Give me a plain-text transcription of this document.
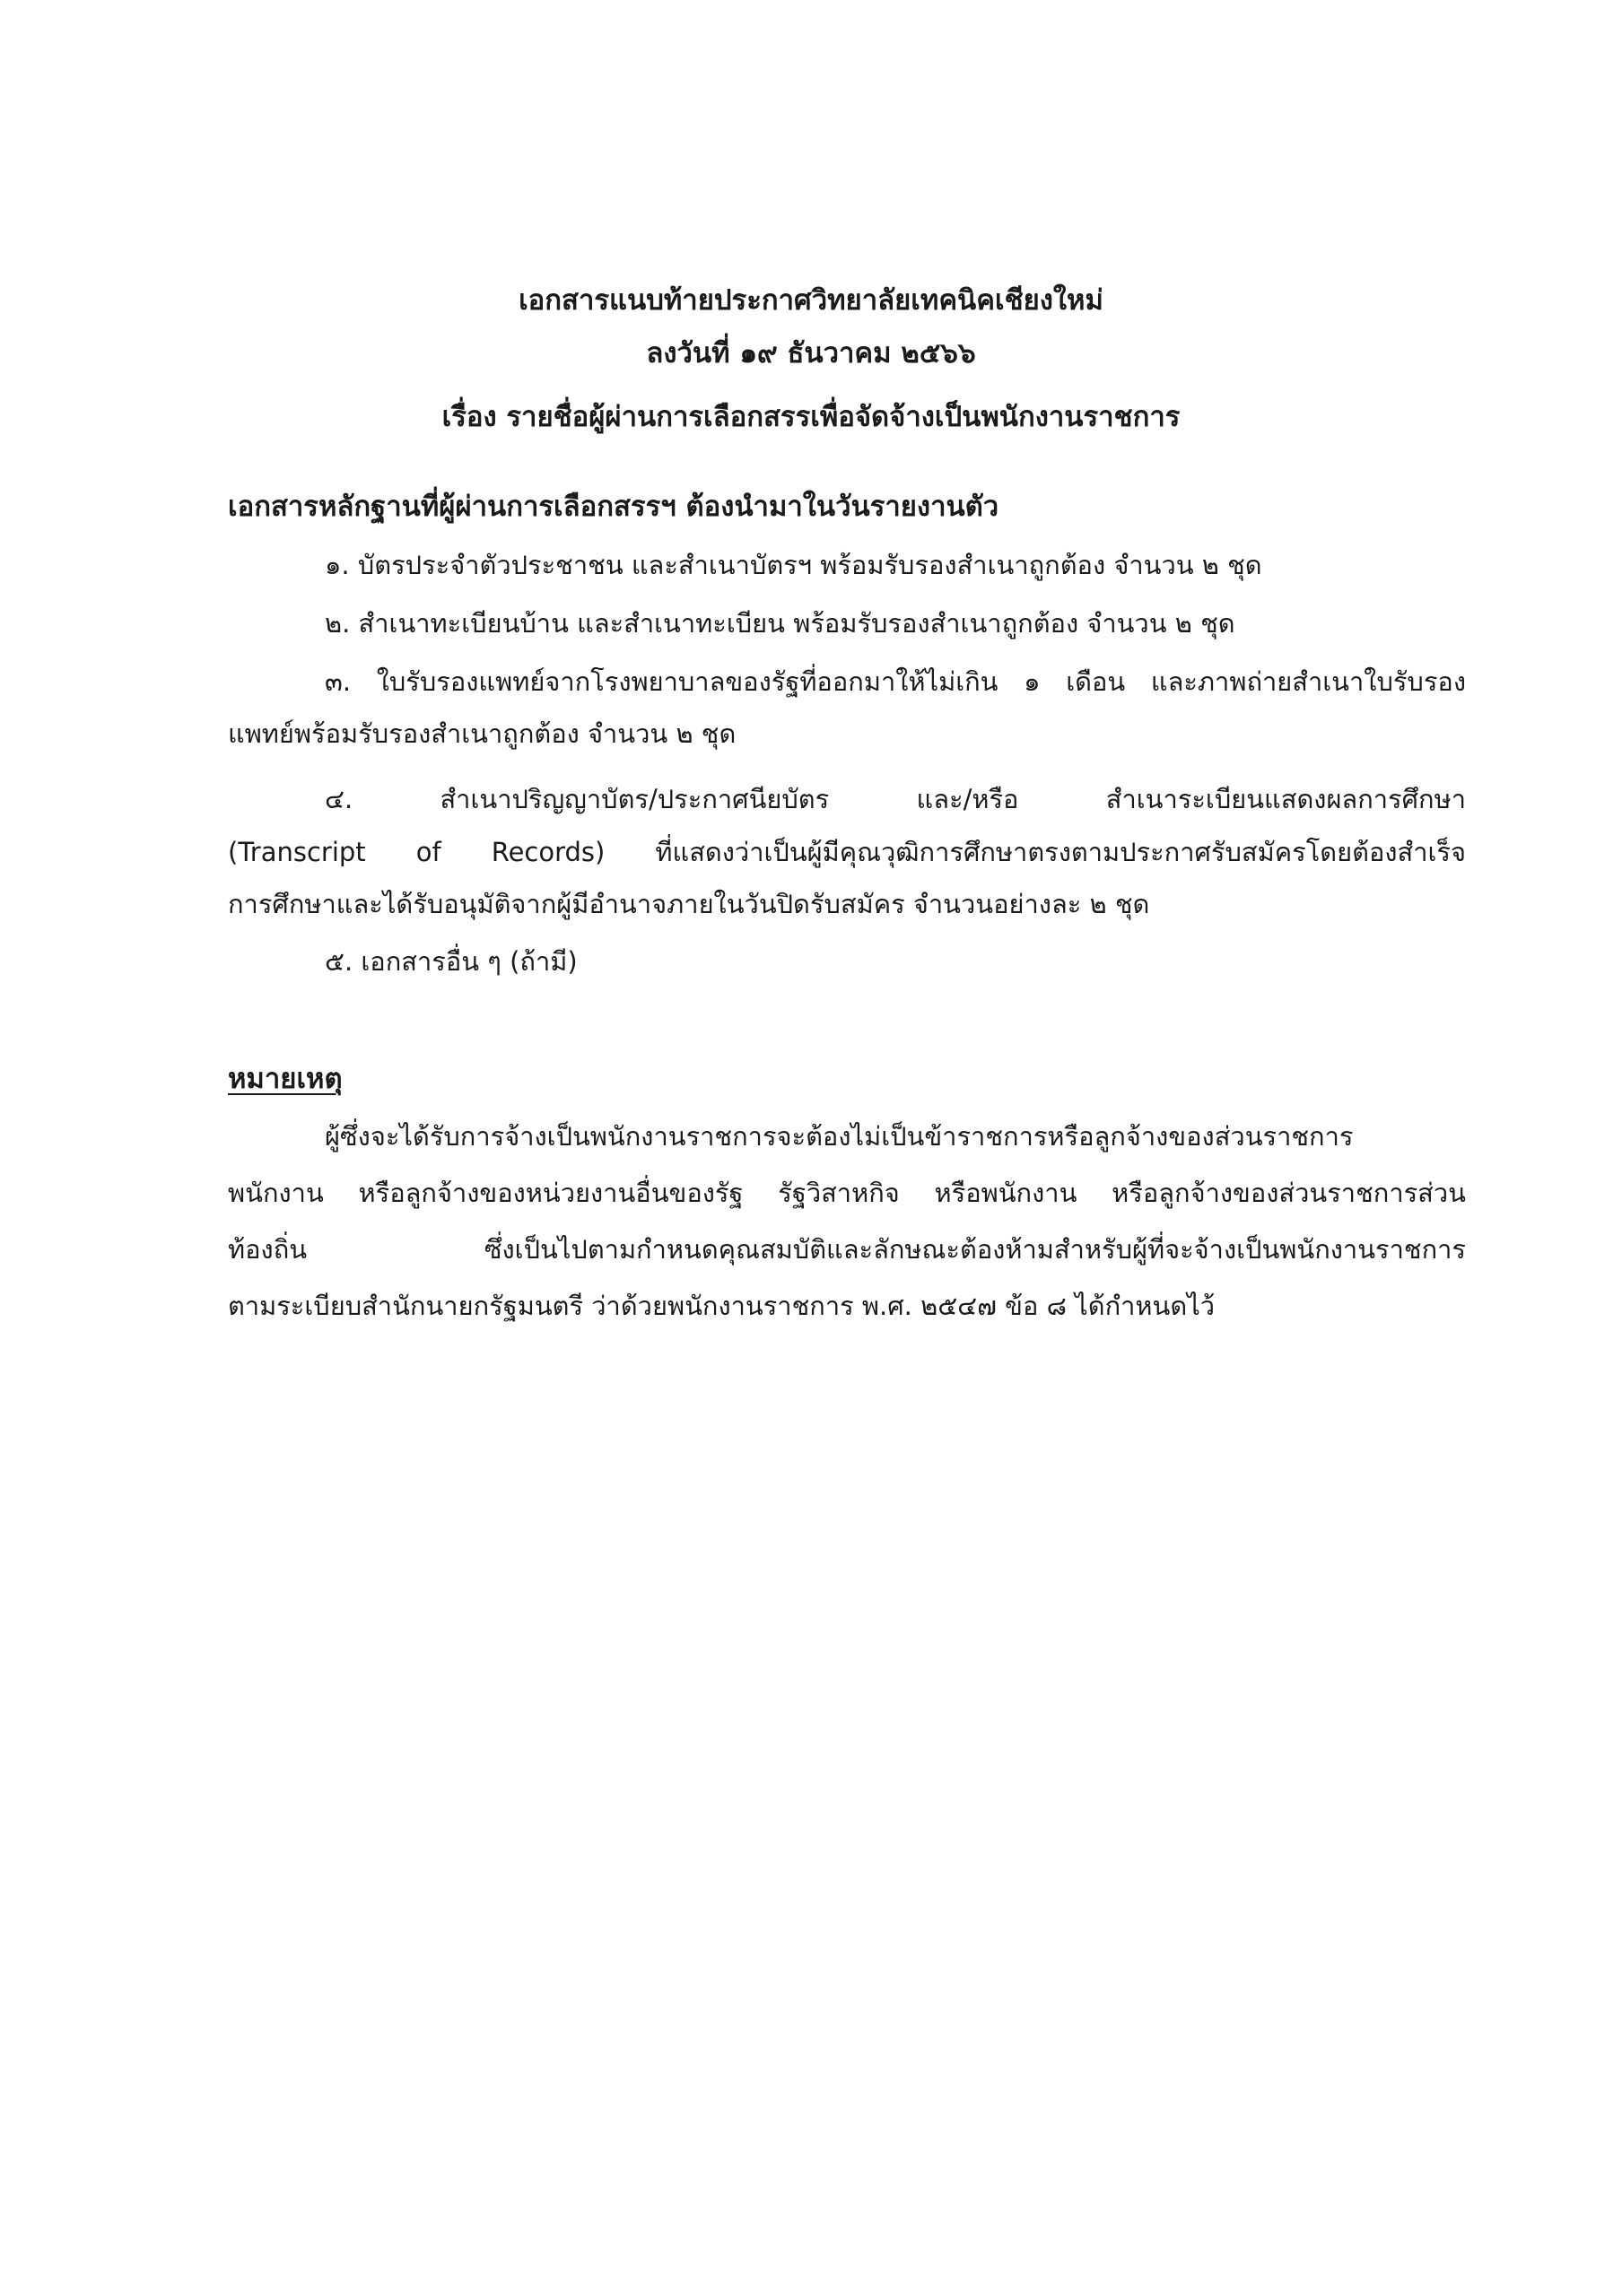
เอกสารแนบท้ายประกาศวิทยาลัยเทคนิคเชียงใหม่
ลงวันที่ ๑๙ ธันวาคม ๒๕๖๖
เรื่อง รายชื่อผู้ผ่านการเลือกสรรเพื่อจัดจ้างเป็นพนักงานราชการ
เอกสารหลักฐานที่ผู้ผ่านการเลือกสรรฯ ต้องนำมาในวันรายงานตัว
๑. บัตรประจำตัวประชาชน และสำเนาบัตรฯ พร้อมรับรองสำเนาถูกต้อง จำนวน ๒ ชุด
๒. สำเนาทะเบียนบ้าน และสำเนาทะเบียน พร้อมรับรองสำเนาถูกต้อง จำนวน ๒ ชุด
๓. ใบรับรองแพทย์จากโรงพยาบาลของรัฐที่ออกมาให้ไม่เกิน ๑ เดือน และภาพถ่ายสำเนาใบรับรอง
แพทย์พร้อมรับรองสำเนาถูกต้อง จำนวน ๒ ชุด
๔. สำเนาปริญญาบัตร/ประกาศนียบัตร และ/หรือ สำเนาระเบียนแสดงผลการศึกษา
(Transcript of Records) ที่แสดงว่าเป็นผู้มีคุณวุฒิการศึกษาตรงตามประกาศรับสมัครโดยต้องสำเร็จ
การศึกษาและได้รับอนุมัติจากผู้มีอำนาจภายในวันปิดรับสมัคร จำนวนอย่างละ ๒ ชุด
๕. เอกสารอื่น ๆ (ถ้ามี)
หมายเหตุ
ผู้ซึ่งจะได้รับการจ้างเป็นพนักงานราชการจะต้องไม่เป็นข้าราชการหรือลูกจ้างของส่วนราชการ
พนักงาน หรือลูกจ้างของหน่วยงานอื่นของรัฐ รัฐวิสาหกิจ หรือพนักงาน หรือลูกจ้างของส่วนราชการส่วน
ท้องถิ่น ซึ่งเป็นไปตามกำหนดคุณสมบัติและลักษณะต้องห้ามสำหรับผู้ที่จะจ้างเป็นพนักงานราชการ
ตามระเบียบสำนักนายกรัฐมนตรี ว่าด้วยพนักงานราชการ พ.ศ. ๒๕๔๗ ข้อ ๘ ได้กำหนดไว้
